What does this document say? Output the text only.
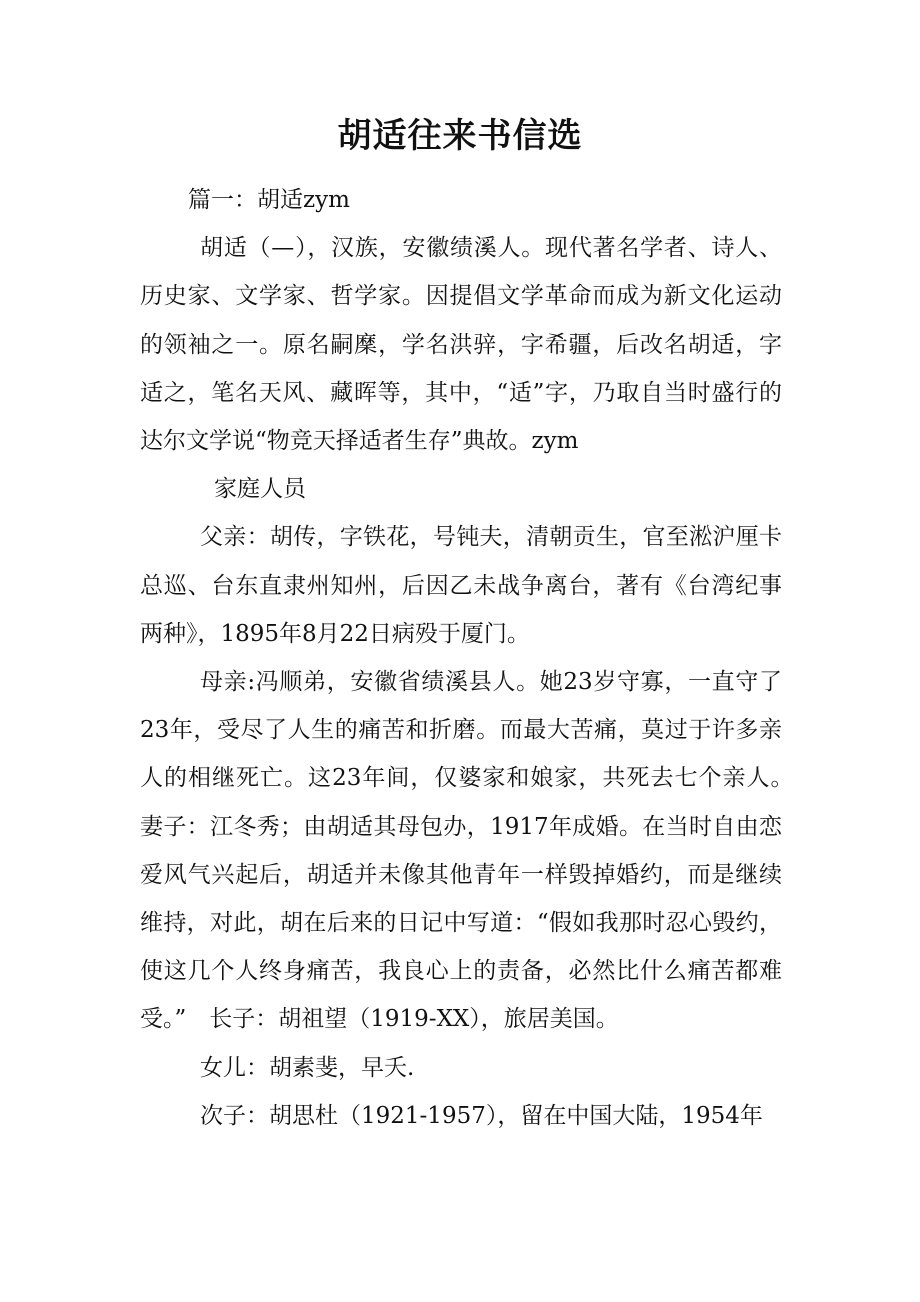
胡适往来书信选

篇一：胡适zym

胡适（—），汉族，安徽绩溪人。现代著名学者、诗人、历史家、文学家、哲学家。因提倡文学革命而成为新文化运动的领袖之一。原名嗣穈，学名洪骍，字希疆，后改名胡适，字适之，笔名天风、藏晖等，其中，“适”字，乃取自当时盛行的达尔文学说“物竞天择适者生存”典故。zym

家庭人员

父亲：胡传，字铁花，号钝夫，清朝贡生，官至淞沪厘卡总巡、台东直隶州知州，后因乙未战争离台，著有《台湾纪事两种》，1895年8月22日病殁于厦门。

母亲:冯顺弟，安徽省绩溪县人。她23岁守寡，一直守了23年，受尽了人生的痛苦和折磨。而最大苦痛，莫过于许多亲人的相继死亡。这23年间，仅婆家和娘家，共死去七个亲人。　妻子：江冬秀；由胡适其母包办，1917年成婚。在当时自由恋爱风气兴起后，胡适并未像其他青年一样毁掉婚约，而是继续维持，对此，胡在后来的日记中写道：“假如我那时忍心毁约，使这几个人终身痛苦，我良心上的责备，必然比什么痛苦都难受。”　长子：胡祖望（1919-XX），旅居美国。

女儿：胡素斐，早夭.

次子：胡思杜（1921-1957），留在中国大陆，1954年
